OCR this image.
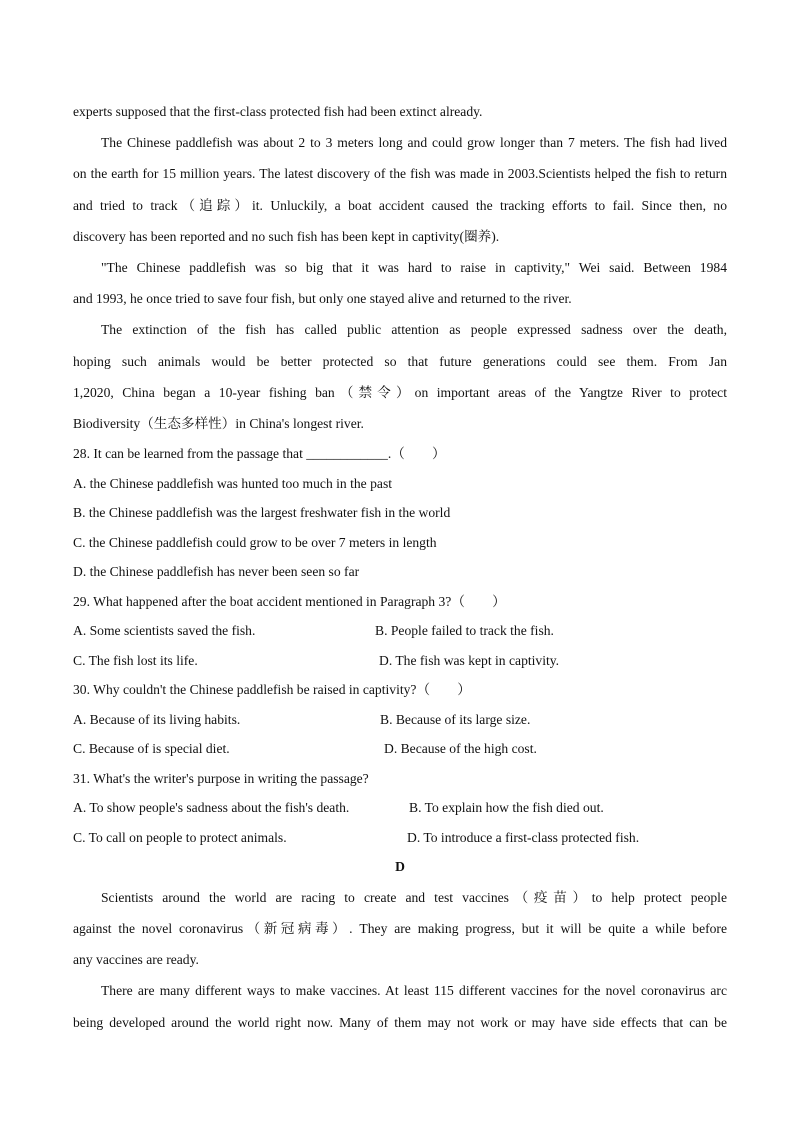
experts supposed that the first-class protected fish had been extinct already.
The Chinese paddlefish was about 2 to 3 meters long and could grow longer than 7 meters. The fish had lived
on the earth for 15 million years. The latest discovery of the fish was made in 2003.Scientists helped the fish to return
and tried to track（追踪）it. Unluckily, a boat accident caused the tracking efforts to fail. Since then, no
discovery has been reported and no such fish has been kept in captivity(圈养).
"The Chinese paddlefish was so big that it was hard to raise in captivity," Wei said. Between 1984
and 1993, he once tried to save four fish, but only one stayed alive and returned to the river.
The extinction of the fish has called public attention as people expressed sadness over the death,
hoping such animals would be better protected so that future generations could see them. From Jan
1,2020, China began a 10-year fishing ban（禁令）on important areas of the Yangtze River to protect
Biodiversity（生态多样性）in China's longest river.
28. It can be learned from the passage that ____________.（　　）
A. the Chinese paddlefish was hunted too much in the past
B. the Chinese paddlefish was the largest freshwater fish in the world
C. the Chinese paddlefish could grow to be over 7 meters in length
D. the Chinese paddlefish has never been seen so far
29. What happened after the boat accident mentioned in Paragraph 3?（　　）
A. Some scientists saved the fish.	B. People failed to track the fish.
C. The fish lost its life.	D. The fish was kept in captivity.
30. Why couldn't the Chinese paddlefish be raised in captivity?（　　）
A. Because of its living habits.	B. Because of its large size.
C. Because of is special diet.	D. Because of the high cost.
31. What's the writer's purpose in writing the passage?
A. To show people's sadness about the fish's death.	B. To explain how the fish died out.
C. To call on people to protect animals.	D. To introduce a first-class protected fish.
D
Scientists around the world are racing to create and test vaccines（疫苗）to help protect people
against the novel coronavirus（新冠病毒）. They are making progress, but it will be quite a while before
any vaccines are ready.
There are many different ways to make vaccines. At least 115 different vaccines for the novel coronavirus arc
being developed around the world right now. Many of them may not work or may have side effects that can be
